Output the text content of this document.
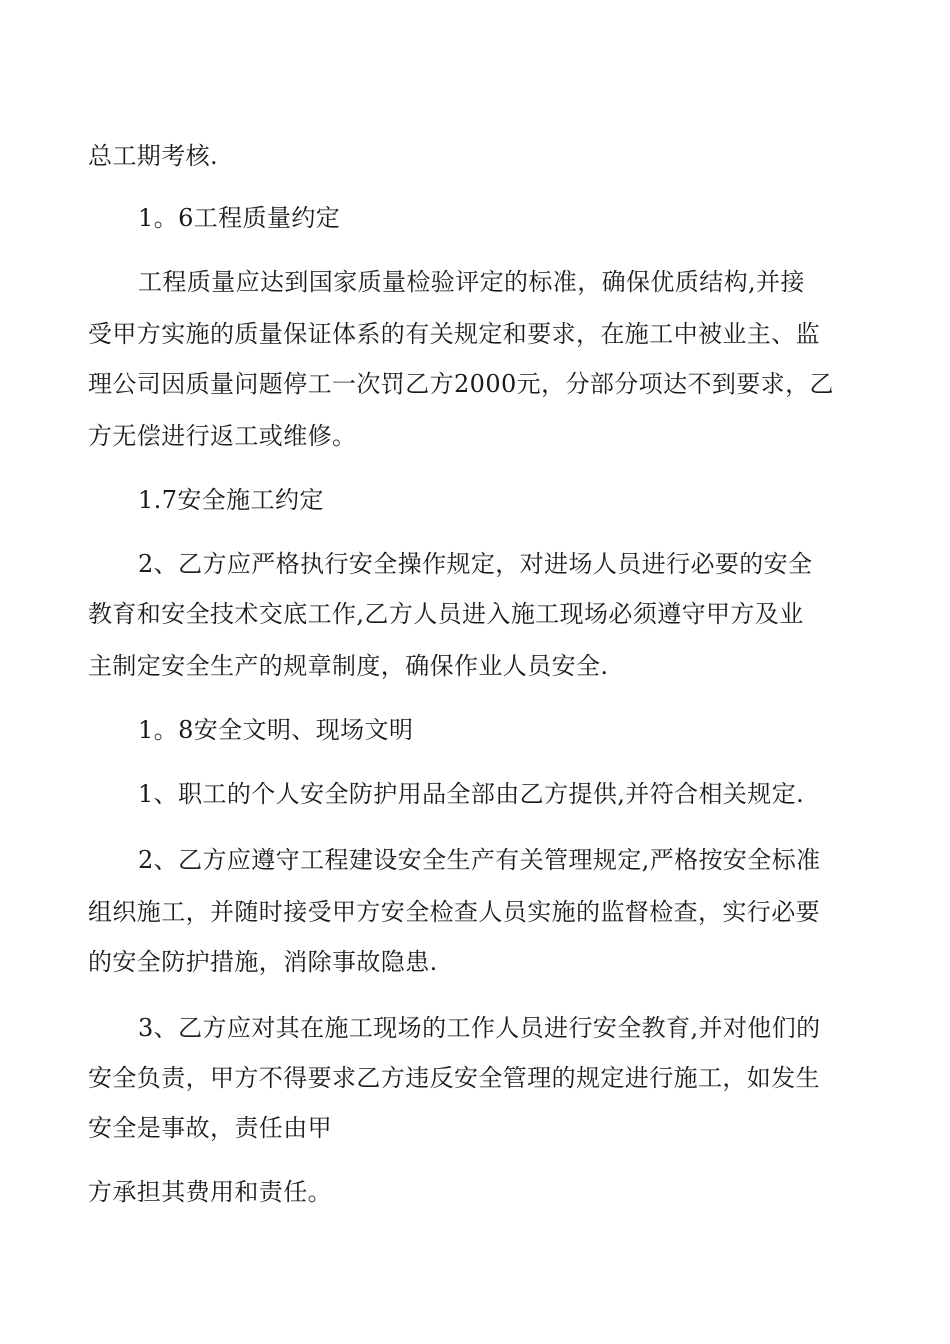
总工期考核.
1。6工程质量约定
工程质量应达到国家质量检验评定的标准，确保优质结构,并接
受甲方实施的质量保证体系的有关规定和要求，在施工中被业主、监
理公司因质量问题停工一次罚乙方2000元，分部分项达不到要求，乙
方无偿进行返工或维修。
1.7安全施工约定
2、乙方应严格执行安全操作规定，对进场人员进行必要的安全
教育和安全技术交底工作,乙方人员进入施工现场必须遵守甲方及业
主制定安全生产的规章制度，确保作业人员安全.
1。8安全文明、现场文明
1、职工的个人安全防护用品全部由乙方提供,并符合相关规定.
2、乙方应遵守工程建设安全生产有关管理规定,严格按安全标准
组织施工，并随时接受甲方安全检查人员实施的监督检查，实行必要
的安全防护措施，消除事故隐患.
3、乙方应对其在施工现场的工作人员进行安全教育,并对他们的
安全负责，甲方不得要求乙方违反安全管理的规定进行施工，如发生
安全是事故，责任由甲
方承担其费用和责任。
